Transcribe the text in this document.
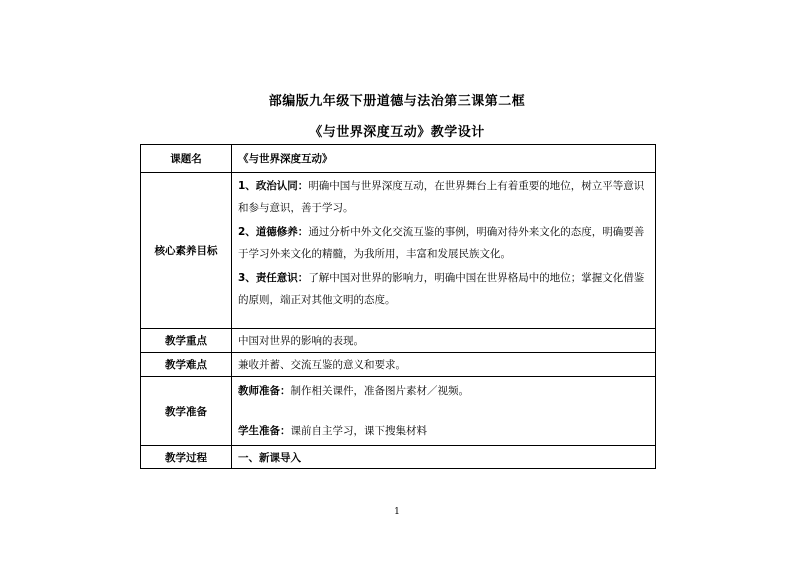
部编版九年级下册道德与法治第三课第二框
《与世界深度互动》教学设计
课题名	《与世界深度互动》
核心素养目标	1、政治认同：明确中国与世界深度互动，在世界舞台上有着重要的地位，树立平等意识和参与意识，善于学习。
2、道德修养：通过分析中外文化交流互鉴的事例，明确对待外来文化的态度，明确要善于学习外来文化的精髓，为我所用，丰富和发展民族文化。
3、责任意识：了解中国对世界的影响力，明确中国在世界格局中的地位；掌握文化借鉴的原则，端正对其他文明的态度。

教学重点	中国对世界的影响的表现。
教学难点	兼收并蓄、交流互鉴的意义和要求。
教学准备	教师准备：制作相关课件，准备图片素材／视频。
学生准备：课前自主学习，课下搜集材料

教学过程	一、新课导入
1
